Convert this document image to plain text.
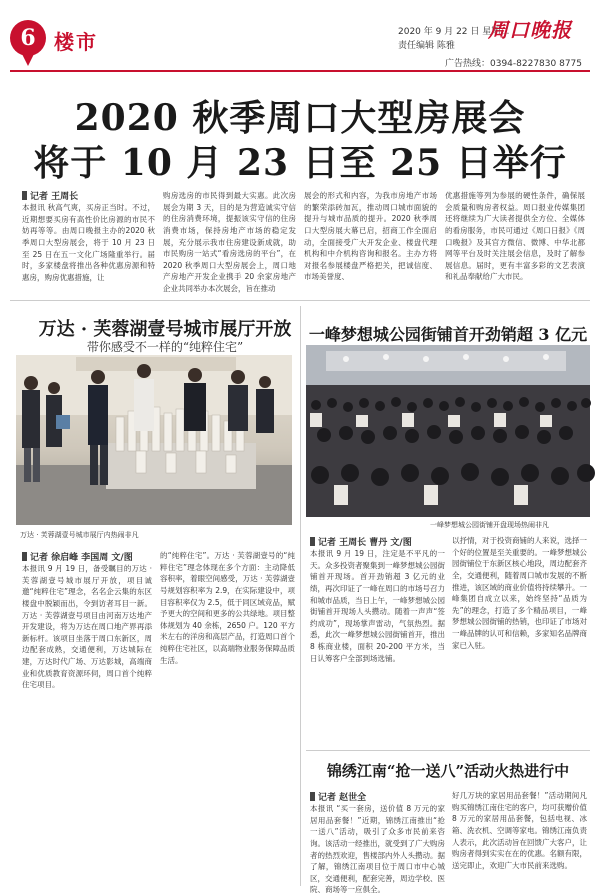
6 楼市	2020 年 9 月 22 日 星期二
责任编辑 陈雅
广告热线：0394-8227830 8775
周口晚报
2020 秋季周口大型房展会
将于 10 月 23 日至 25 日举行
记者 王周长

本报讯 秋高气爽，买房正当时。不过，近期想要买房有高性价比房源的市民不妨再等等。由周口晚报主办的2020 秋季周口大型房展会，将于 10 月 23 日至 25 日在五一文化广场隆重举行。届时，多家楼盘将推出各种优惠房源和特惠房，购房优惠措施，让

购房选房的市民得到最大实惠。此次房展会为期 3 天，目的是为营造诚实守信的住房消费环境，提振该实守信的住房消费市场，保持房地产市场的稳定发展，充分展示我市住房建设新成就，助市民购房一站式“看房选房的平台”，在 2020 秋季周口大型房展会上，周口地产房地产开发企业携手 20 余家房地产企业共同举办本次展会，旨在推动

展会的形式和内容，为我市房地产市场的繁荣添砖加瓦，推动周口城市面貌的提升与城市品质的提升。2020 秋季周口大型房展大幕已启，招商工作全面启动，全面接受广大开发企业、楼盘代理机构和中介机构咨询和报名。主办方将对报名参展楼盘严格把关，把诚信度、市场美誉度、

优惠措施等列为参展的硬性条件，确保展会质量和购房者权益。周口报业传媒集团还将继续为广大读者提供全方位、全媒体的看房服务，市民可通过《周口日报》《周口晚报》及其官方微信、微博、中华北都网等平台及时关注展会信息，及时了解参展信息。届时，更有丰富多彩的文艺表演和礼品奉献给广大市民。

万达 · 芙蓉湖壹号城市展厅开放
带你感受不一样的“纯粹住宅”
万达 · 芙蓉湖壹号城市展厅内热闹非凡
记者 徐启峰 李国周 文/图

本报讯 9 月 19 日，备受瞩目的万达 · 芙蓉湖壹号城市展厅开放，项目诚邀“纯粹住宅”理念，名名企云集的东区楼盘中脱颖而出，令到访者耳目一新。万达 · 芙蓉湖壹号项目由河南万达地产开发建设，将为万达在周口地产界再添新标杆。该项目坐落于周口东新区，周边配套成熟，交通便利，万达城际在建，万达时代广场、万达影城，高端商业和优质教育资源环伺，周口首个纯粹住宅项目。

的“纯粹住宅”。万达 · 芙蓉湖壹号的“纯粹住宅”理念体现在多个方面：主动降低容积率，着眼空间感受，万达 · 芙蓉湖壹号规划容积率为 2.9，在实际建设中，项目容积率仅为 2.5，低于同区域竞品，赋予更大的空间和更多的公共绿地。项目整体规划为 40 余栋，2650 户。120 平方米左右的洋房和高层产品，打造周口首个纯粹住宅社区，以高端物业服务保障品质生活。

一峰梦想城公园街铺首开劲销超 3 亿元
一峰梦想城公园街铺开盘现场热闹非凡
记者 王周长 曹丹 文/图

本报讯 9 月 19 日，注定是不平凡的一天。众多投资者聚集到一峰梦想城公园街铺首开现场。首开劲销超 3 亿元的业绩，再次印证了一峰在周口的市场号召力和城市品质，当日上午，一峰梦想城公园街铺首开现场人头攒动。随着一声声“签约成功”，现场掌声雷动，气氛热烈。据悉，此次一峰梦想城公园街铺首开，推出 8 栋商业楼，面积 20-200 平方米，当日认筹客户全部到场选铺。

以抒情，对于投资商铺的人来说，选择一个好的位置是至关重要的。一峰梦想城公园街铺位于东新区核心地段，周边配套齐全，交通便利，随着周口城市发展的不断推进，该区域的商业价值将持续攀升。一峰集团自成立以来，始终坚持“品质为先”的理念，打造了多个精品项目，一峰梦想城公园街铺的热销，也印证了市场对一峰品牌的认可和信赖，多家知名品牌商家已入驻。

锦绣江南“抢一送八”活动火热进行中
记者 赵世全

本报讯 “买一套房，送价值 8 万元的家居用品套餐！”近期，锦绣江南推出“抢一送八”活动，吸引了众多市民前来咨询。该活动一经推出，就受到了广大购房者的热烈欢迎，售楼部内外人头攒动。据了解，锦绣江南项目位于周口市中心城区，交通便利，配套完善，周边学校、医院、商场等一应俱全。

好几万块的家居用品套餐！”活动期间凡购买锦绣江南住宅的客户，均可获赠价值 8 万元的家居用品套餐，包括电视、冰箱、洗衣机、空调等家电。锦绣江南负责人表示，此次活动旨在回馈广大客户，让购房者得到实实在在的优惠。名额有限，送完即止，欢迎广大市民前来选购。
